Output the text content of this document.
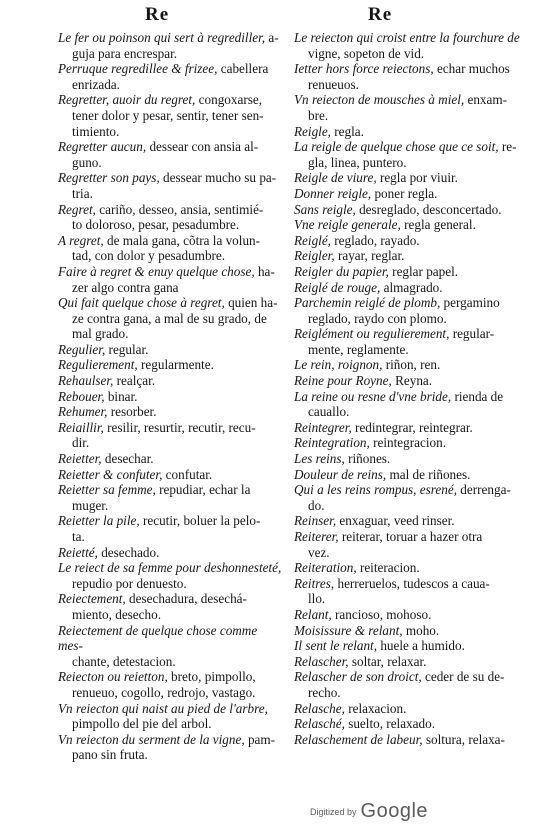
Re	Re
Le fer ou poinson qui sert à regrediller, a-
guja para encrespar.
Perruque regredillee & frizee, cabellera
enrizada.
Regretter, auoir du regret, congoxarse,
tener dolor y pesar, sentir, tener sen-
timiento.
Regretter aucun, dessear con ansia al-
guno.
Regretter son pays, dessear mucho su pa-
tria.
Regret, cariño, desseo, ansia, sentimié-
to doloroso, pesar, pesadumbre.
A regret, de mala gana, cõtra la volun-
tad, con dolor y pesadumbre.
Faire à regret & enuy quelque chose, ha-
zer algo contra gana
Qui fait quelque chose à regret, quien ha-
ze contra gana, a mal de su grado, de
mal grado.
Regulier, regular.
Regulierement, regularmente.
Rehaulser, realçar.
Rebouer, binar.
Rehumer, resorber.
Reiaillir, resilir, resurtir, recutir, recu-
dir.
Reietter, desechar.
Reietter & confuter, confutar.
Reietter sa femme, repudiar, echar la
muger.
Reietter la pile, recutir, boluer la pelo-
ta.
Reietté, desechado.
Le reiect de sa femme pour deshonnesteté,
repudio por denuesto.
Reiectement, desechadura, desechá-
miento, desecho.
Reiectement de quelque chose comme mes-
chante, detestacion.
Reiecton ou reietton, breto, pimpollo,
renueuo, cogollo, redrojo, vastago.
Vn reiecton qui naist au pied de l'arbre,
pimpollo del pie del arbol.
Vn reiecton du serment de la vigne, pam-
pano sin fruta.
Le reiecton qui croist entre la fourchure de
vigne, sopeton de vid.
Ietter hors force reiectons, echar muchos
renueuos.
Vn reiecton de mousches à miel, enxam-
bre.
Reigle, regla.
La reigle de quelque chose que ce soit, re-
gla, linea, puntero.
Reigle de viure, regla por viuir.
Donner reigle, poner regla.
Sans reigle, desreglado, desconcertado.
Vne reigle generale, regla general.
Reiglé, reglado, rayado.
Reigler, rayar, reglar.
Reigler du papier, reglar papel.
Reiglé de rouge, almagrado.
Parchemin reiglé de plomb, pergamino
reglado, raydo con plomo.
Reiglément ou regulierement, regular-
mente, reglamente.
Le rein, roignon, riñon, ren.
Reine pour Royne, Reyna.
La reine ou resne d'vne bride, rienda de
cauallo.
Reintegrer, redintegrar, reintegrar.
Reintegration, reintegracion.
Les reins, riñones.
Douleur de reins, mal de riñones.
Qui a les reins rompus, esrené, derrenga-
do.
Reinser, enxaguar, veed rinser.
Reiterer, reiterar, toruar a hazer otra
vez.
Reiteration, reiteracion.
Reitres, herreruelos, tudescos a caua-
llo.
Relant, rancioso, mohoso.
Moisissure & relant, moho.
Il sent le relant, huele a humido.
Relascher, soltar, relaxar.
Relascher de son droict, ceder de su de-
recho.
Relasche, relaxacion.
Relasché, suelto, relaxado.
Relaschement de labeur, soltura, relaxa-
Digitized by Google
